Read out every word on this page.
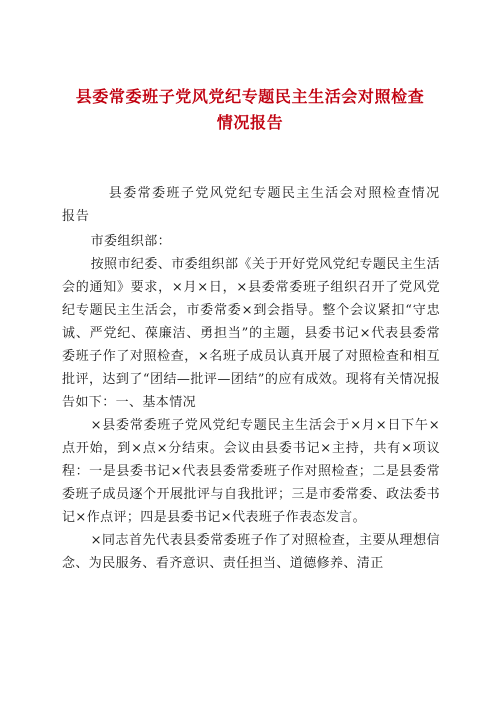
县委常委班子党风党纪专题民主生活会对照检查情况报告

县委常委班子党风党纪专题民主生活会对照检查情况报告

市委组织部：

按照市纪委、市委组织部《关于开好党风党纪专题民主生活会的通知》要求，×月×日，×县委常委班子组织召开了党风党纪专题民主生活会，市委常委×到会指导。整个会议紧扣“守忠诚、严党纪、葆廉洁、勇担当”的主题，县委书记×代表县委常委班子作了对照检查，×名班子成员认真开展了对照检查和相互批评，达到了“团结—批评—团结”的应有成效。现将有关情况报告如下：一、基本情况

×县委常委班子党风党纪专题民主生活会于×月×日下午×点开始，到×点×分结束。会议由县委书记×主持，共有×项议程：一是县委书记×代表县委常委班子作对照检查；二是县委常委班子成员逐个开展批评与自我批评；三是市委常委、政法委书记×作点评；四是县委书记×代表班子作表态发言。

×同志首先代表县委常委班子作了对照检查，主要从理想信念、为民服务、看齐意识、责任担当、道德修养、清正
